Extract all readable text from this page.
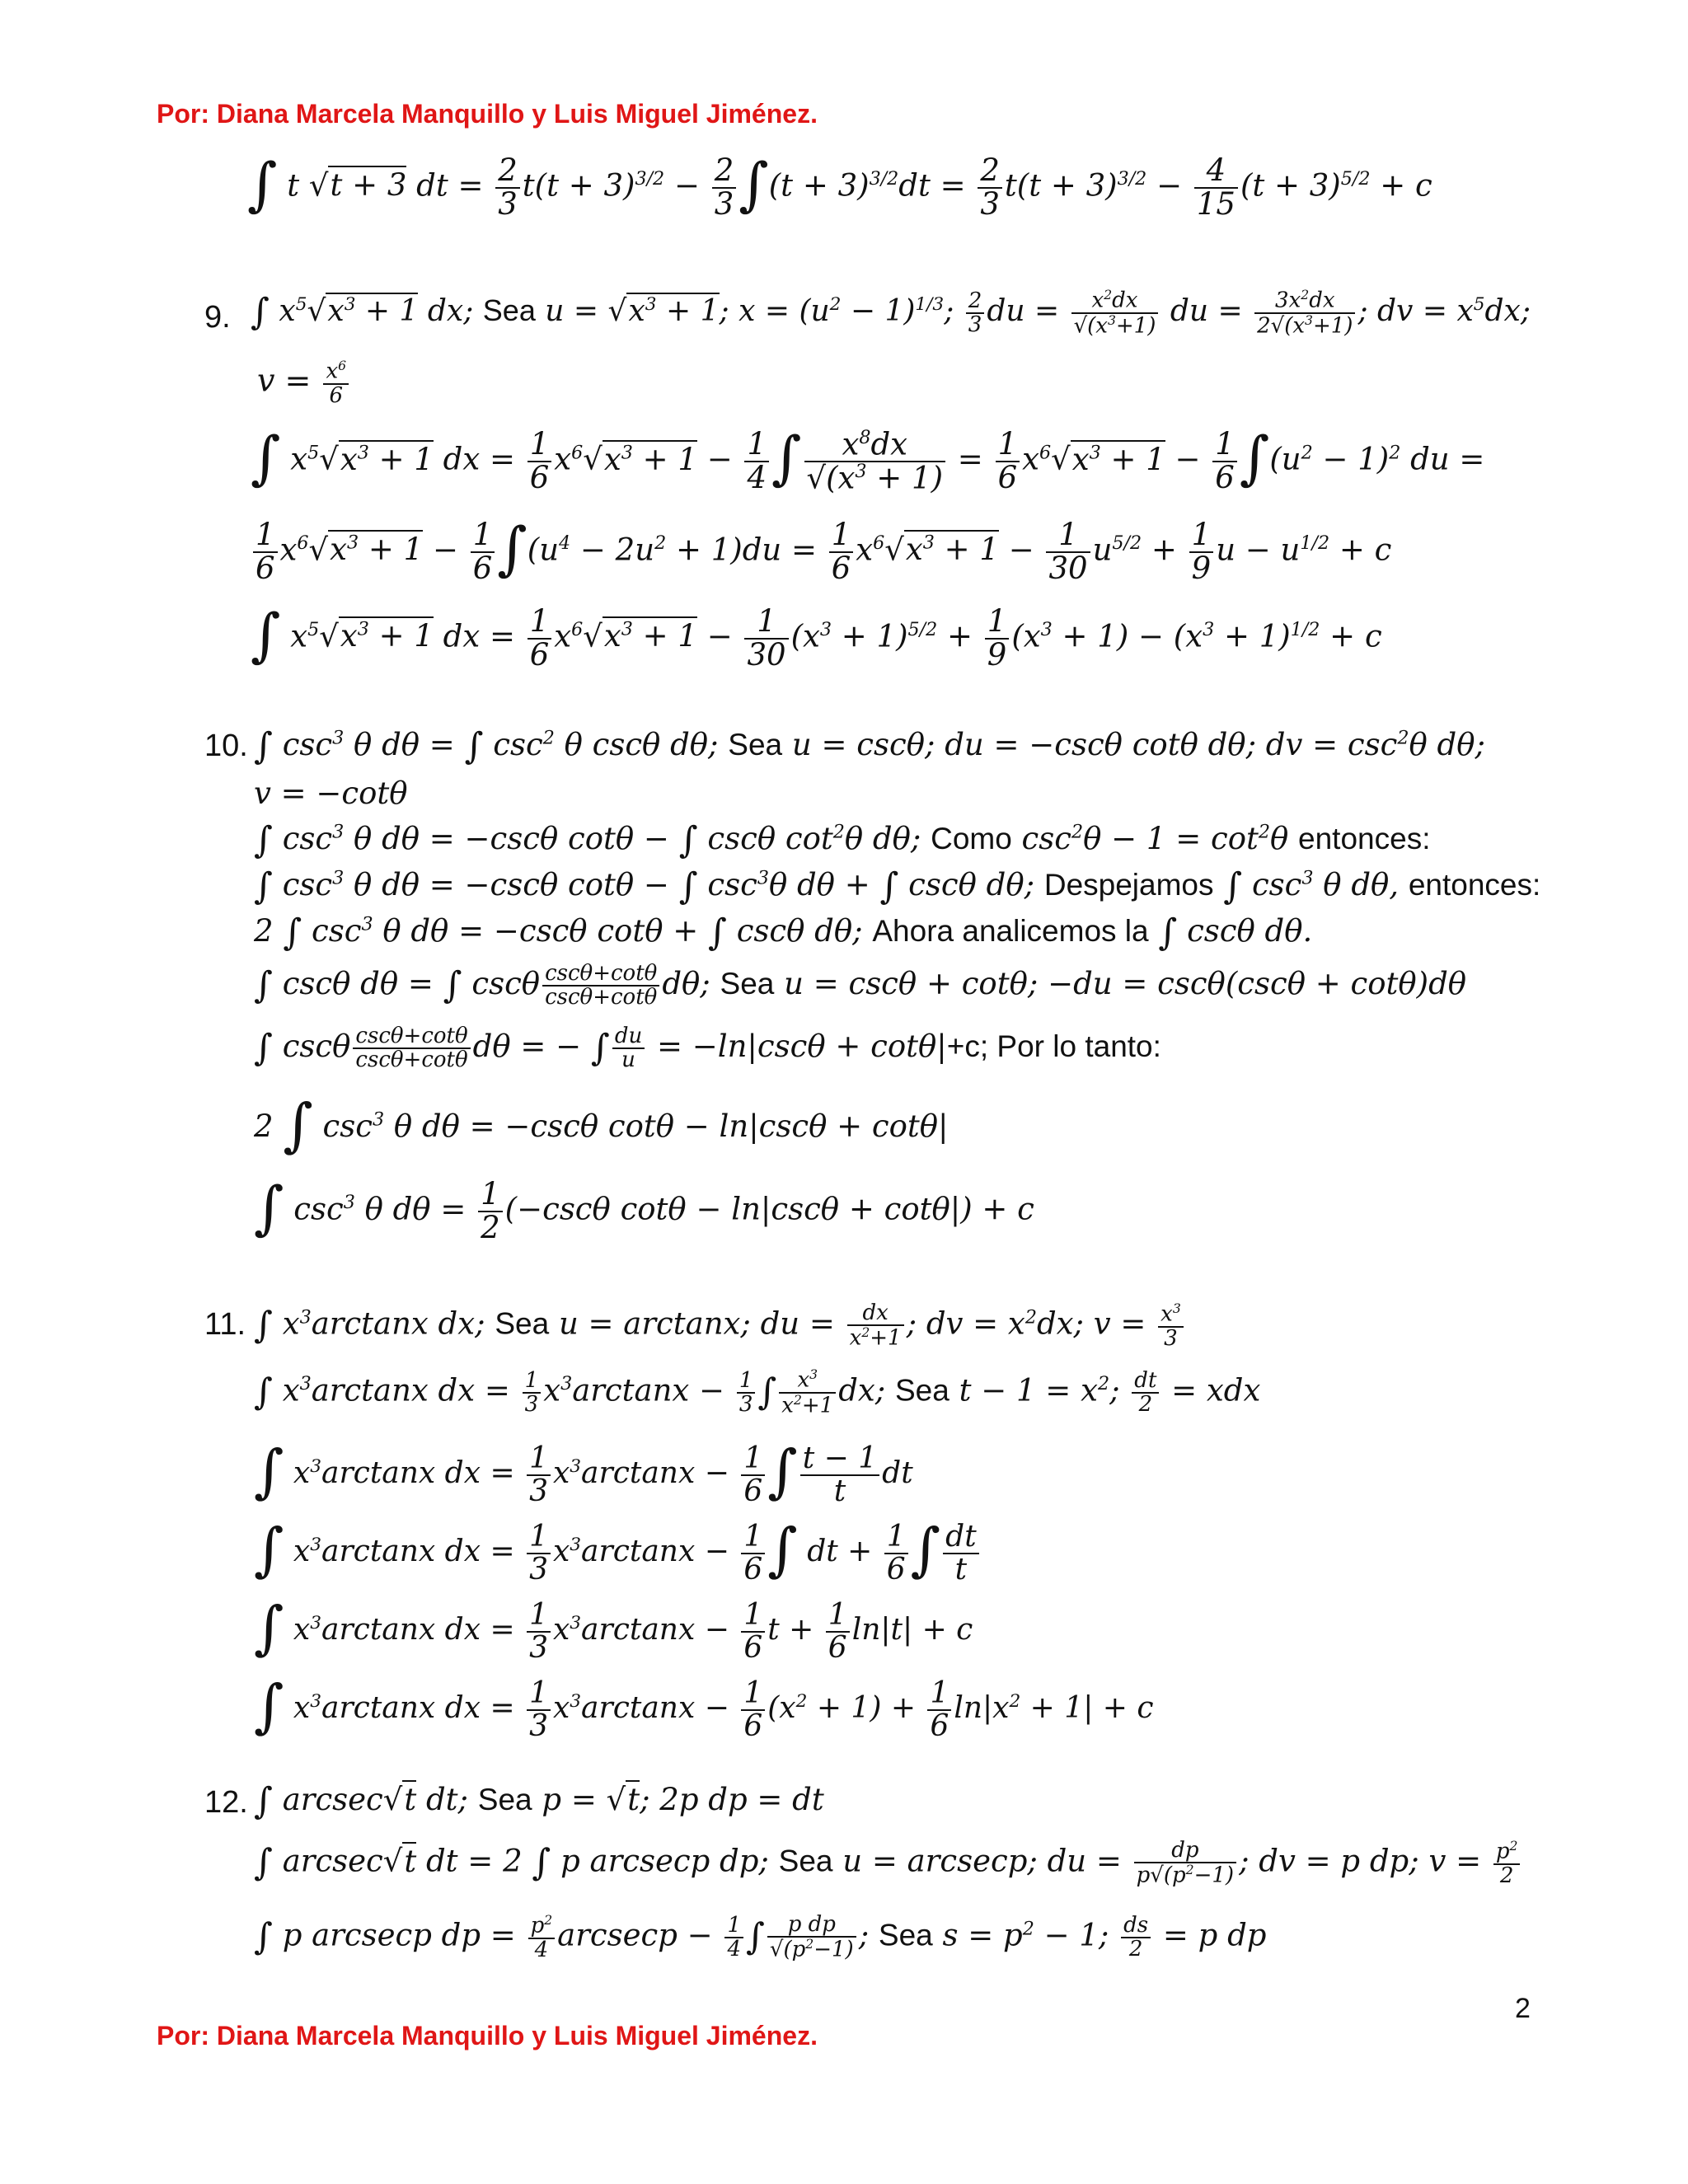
Por: Diana Marcela Manquillo y Luis Miguel Jiménez.
∫ t √t + 3 dt = $\frac{2}{3} t(t + 3)^{3/2} - \frac{2}{3} \int(t + 3)^{3/2}dt = \frac{2}{3} t(t + 3)^{3/2} - \frac{4}{15} (t + 3)^{5/2} + c$
9. ∫ $x^5√x^3 + 1$ dx; Sea $u = √x^3 + 1$; $x = (u^2 - 1)^{1/3}$; $\frac{2}{3}$ du = $\frac{x^2dx}{√(x^3+1)}$ du = $\frac{3x^2dx}{2√(x^3+1)}$ ; dv = $x^5dx$;
$v = \frac{x^6}{6}$
∫ $x^5√x^3 + 1$ dx = $\frac{1}{6} x^6√x^3 + 1 - \frac{1}{4}$ ∫ $\frac{x^8dx}{√(x^3 + 1)} = \frac{1}{6} x^6√x^3 + 1 - \frac{1}{6} \int(u^2 - 1)^2$ du =
$\frac{1}{6} x^6√x^3 + 1 - \frac{1}{6} \int(u^4 - 2u^2 + 1)du = \frac{1}{6} x^6√x^3 + 1 - \frac{1}{30} u^{5/2} + \frac{1}{9}$ $u - u^{1/2} + c$
∫ $x^5√x^3 + 1$ dx = $\frac{1}{6} x^6√x^3 + 1 - \frac{1}{30} (x^3 + 1)^{5/2} + \frac{1}{9} (x^3 + 1) - (x^3 + 1)^{1/2} + c$
10. ∫ $\csc^3 \theta$ dθ = ∫ $\csc^2 \theta$ cscθ dθ; Sea u = cscθ; du = −cscθ cotθ dθ; dv = $\csc^2\theta$ dθ;
v = −cotθ
∫ $\csc^3 \theta$ dθ = −cscθ cotθ − ∫ cscθ $\cot^2\theta$ dθ; Como $\csc^2\theta - 1 = \cot^2\theta$ entonces:
∫ $\csc^3 \theta$ dθ = −cscθ cotθ − ∫ $\csc^3\theta$ dθ + ∫ cscθ dθ; Despejamos ∫ $\csc^3 \theta$ dθ, entonces:
2 ∫ $\csc^3 \theta$ dθ = −cscθ cotθ + ∫ cscθ dθ; Ahora analicemos la ∫ cscθ dθ.
∫ cscθ dθ = ∫ cscθ $\frac{\csc\theta+\cot\theta}{\csc\theta+\cot\theta} d\theta$; Sea u = cscθ + cotθ; −du = cscθ(cscθ + cotθ)dθ
∫ cscθ $\frac{\csc\theta+\cot\theta}{\csc\theta+\cot\theta}$ dθ = − ∫ $\frac{du}{u} = -\ln|\csc\theta + \cot\theta|+c$; Por lo tanto:
2 ∫ $\csc^3 \theta$ dθ = −cscθ cotθ − ln|cscθ + cotθ|
∫ $\csc^3 \theta$ $d\theta = \frac{1}{2} (-\csc\theta$ cotθ − ln|cscθ + cotθ|) + c
11. ∫ $x^3\arctan x$ dx; Sea u = arctanx; du = $\frac{dx}{x^2+1}$ ; dv = $x^2dx$; $v = \frac{x^3}{3}$
∫ $x^3\arctan x$ dx = $\frac{1}{3} x^3\arctan x - \frac{1}{3}$ ∫ $\frac{x^3}{x^2+1}$ dx; Sea $t - 1 = x^2$; $\frac{dt}{2}$ = xdx
∫ $x^3\arctan x$ dx = $\frac{1}{3} x^3\arctan x - \frac{1}{6}$ ∫ $\frac{t - 1}{t}$ dt
∫ $x^3\arctan x$ dx = $\frac{1}{3} x^3\arctan x - \frac{1}{6}$ ∫ dt + $\frac{1}{6}$ ∫ $\frac{dt}{t}$
∫ $x^3\arctan x$ dx = $\frac{1}{3} x^3\arctan x - \frac{1}{6}$ $t + \frac{1}{6} \ln|t| + c$
∫ $x^3\arctan x$ dx = $\frac{1}{3} x^3\arctan x - \frac{1}{6} (x^2 + 1) + \frac{1}{6} \ln|x^2 + 1| + c$
12. ∫ arcsec√t dt; Sea p = √t; 2p dp = dt
∫ arcsec√t dt = 2 ∫ p arcsecp dp; Sea u = arcsecp; du = $\frac{dp}{p√(p^2-1)}$ ; dv = p dp; $v = \frac{p^2}{2}$
∫ p arcsecp dp = $\frac{p^2}{4}$ $arcsecp - \frac{1}{4}$ ∫ $\frac{\text{p dp}}{√(p^2-1)}$ ; Sea $s = p^2 - 1$; $\frac{ds}{2} = p$ dp
2
Por: Diana Marcela Manquillo y Luis Miguel Jiménez.
